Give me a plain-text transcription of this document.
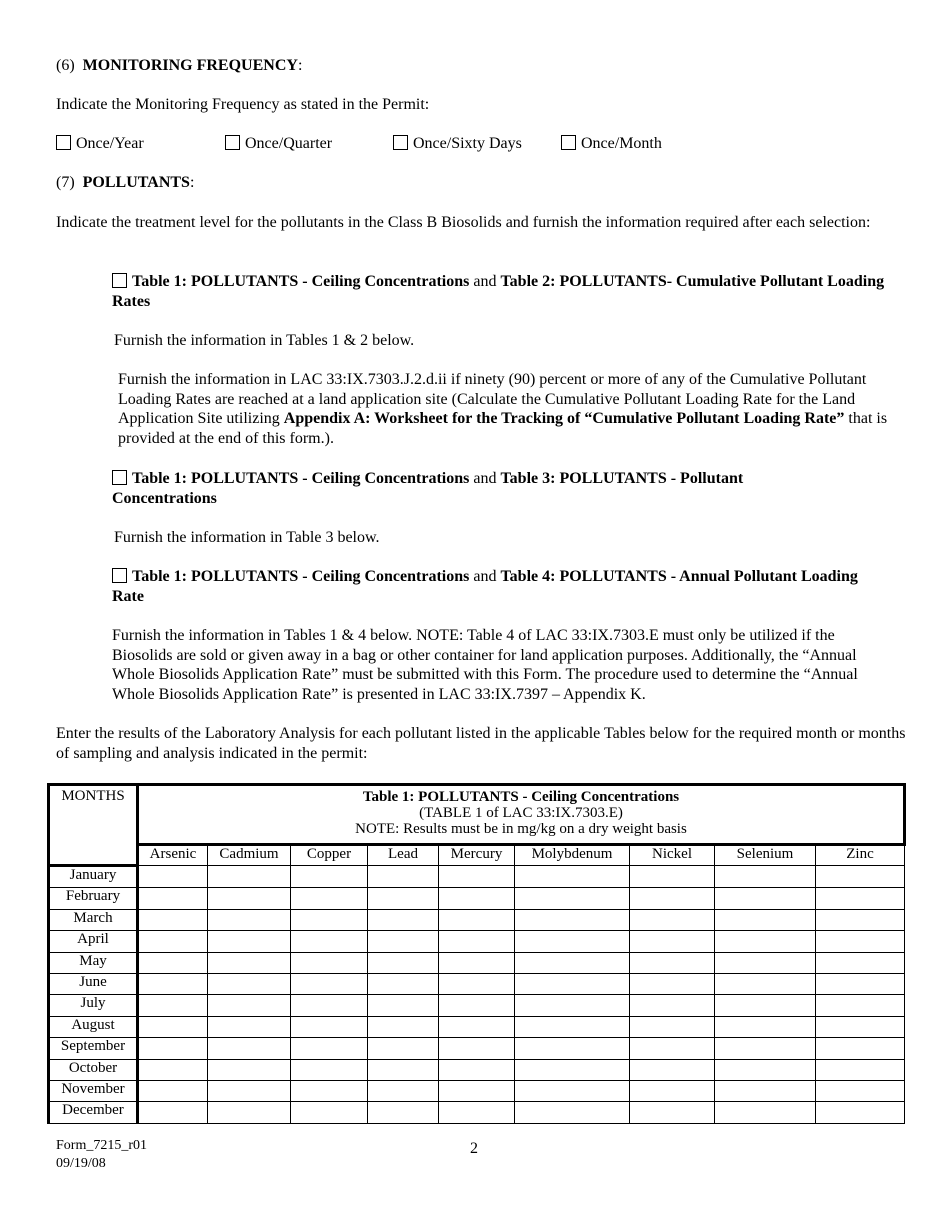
(6) MONITORING FREQUENCY:
Indicate the Monitoring Frequency as stated in the Permit:
Once/Year	Once/Quarter	Once/Sixty Days	Once/Month
(7) POLLUTANTS:
Indicate the treatment level for the pollutants in the Class B Biosolids and furnish the information required after each selection:
Table 1: POLLUTANTS - Ceiling Concentrations and Table 2: POLLUTANTS- Cumulative Pollutant Loading Rates
Furnish the information in Tables 1 & 2 below.
Furnish the information in LAC 33:IX.7303.J.2.d.ii if ninety (90) percent or more of any of the Cumulative Pollutant Loading Rates are reached at a land application site (Calculate the Cumulative Pollutant Loading Rate for the Land Application Site utilizing Appendix A: Worksheet for the Tracking of “Cumulative Pollutant Loading Rate” that is provided at the end of this form.).
Table 1: POLLUTANTS - Ceiling Concentrations and Table 3: POLLUTANTS - Pollutant Concentrations
Furnish the information in Table 3 below.
Table 1: POLLUTANTS - Ceiling Concentrations and Table 4: POLLUTANTS - Annual Pollutant Loading Rate
Furnish the information in Tables 1 & 4 below. NOTE: Table 4 of LAC 33:IX.7303.E must only be utilized if the Biosolids are sold or given away in a bag or other container for land application purposes. Additionally, the “Annual Whole Biosolids Application Rate” must be submitted with this Form. The procedure used to determine the “Annual Whole Biosolids Application Rate” is presented in LAC 33:IX.7397 – Appendix K.
Enter the results of the Laboratory Analysis for each pollutant listed in the applicable Tables below for the required month or months of sampling and analysis indicated in the permit:
MONTHS	Table 1: POLLUTANTS - Ceiling Concentrations
(TABLE 1 of LAC 33:IX.7303.E)
NOTE: Results must be in mg/kg on a dry weight basis								
	Arsenic	Cadmium	Copper	Lead	Mercury	Molybdenum	Nickel	Selenium	Zinc
January									
February									
March									
April									
May									
June									
July									
August									
September									
October									
November									
December									
Form_7215_r01
09/19/08
2
